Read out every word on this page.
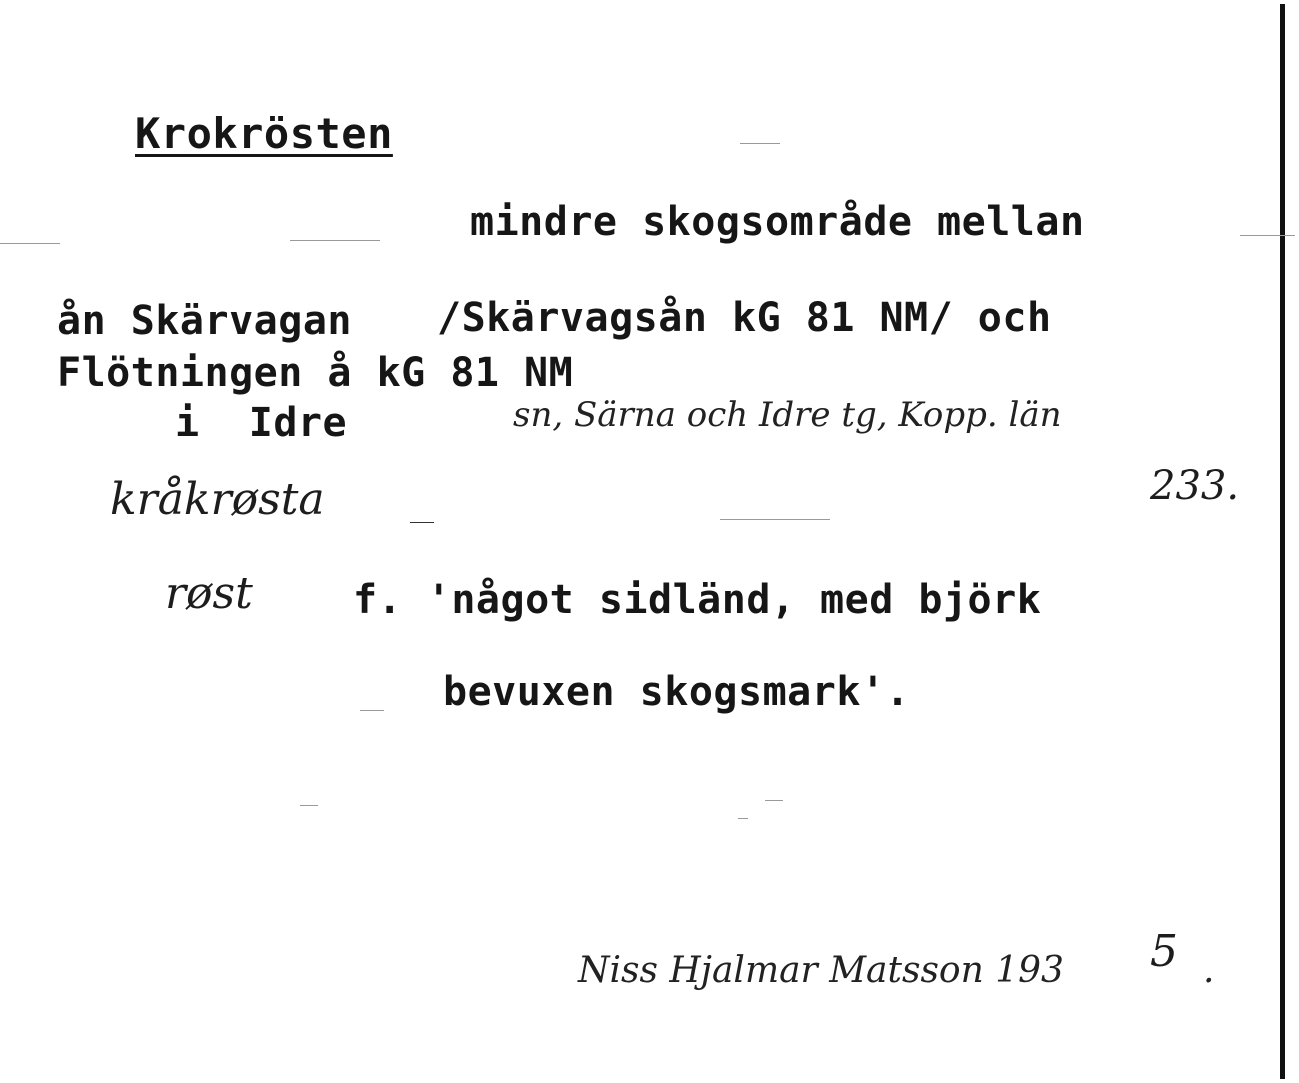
Krokrösten
mindre skogsområde mellan
ån Skärvagan /Skärvagsån kG 81 NM/ och
Flötningen å kG 81 NM
i  Idre	sn, Särna och Idre tg, Kopp. län
kråkrøsta	233.
røst	f. 'något sidländ, med björk
bevuxen skogsmark'.
Niss Hjalmar Matsson 193 5 .
